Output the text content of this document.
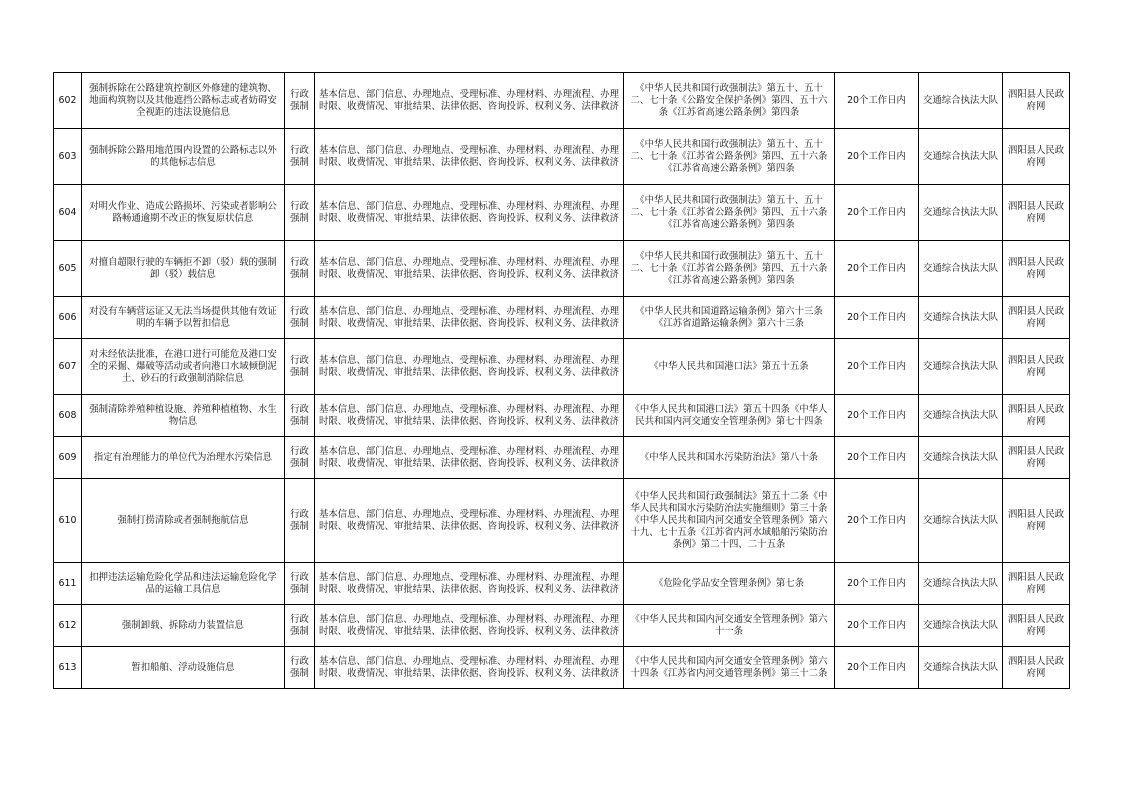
602	强制拆除在公路建筑控制区外修建的建筑物、地面构筑物以及其他遮挡公路标志或者妨碍安全视距的违法设施信息	行政强制	基本信息、部门信息、办理地点、受理标准、办理材料、办理流程、办理时限、收费情况、审批结果、法律依据、咨询投诉、权利义务、法律救济	《中华人民共和国行政强制法》第五十、五十二、七十条《公路安全保护条例》第四、五十六条《江苏省高速公路条例》第四条	20个工作日内	交通综合执法大队	泗阳县人民政府网
603	强制拆除公路用地范围内设置的公路标志以外的其他标志信息	行政强制	基本信息、部门信息、办理地点、受理标准、办理材料、办理流程、办理时限、收费情况、审批结果、法律依据、咨询投诉、权利义务、法律救济	《中华人民共和国行政强制法》第五十、五十二、七十条《江苏省公路条例》第四、五十六条《江苏省高速公路条例》第四条	20个工作日内	交通综合执法大队	泗阳县人民政府网
604	对明火作业、造成公路损坏、污染或者影响公路畅通逾期不改正的恢复原状信息	行政强制	基本信息、部门信息、办理地点、受理标准、办理材料、办理流程、办理时限、收费情况、审批结果、法律依据、咨询投诉、权利义务、法律救济	《中华人民共和国行政强制法》第五十、五十二、七十条《江苏省公路条例》第四、五十六条《江苏省高速公路条例》第四条	20个工作日内	交通综合执法大队	泗阳县人民政府网
605	对擅自超限行驶的车辆拒不卸（驳）载的强制卸（驳）载信息	行政强制	基本信息、部门信息、办理地点、受理标准、办理材料、办理流程、办理时限、收费情况、审批结果、法律依据、咨询投诉、权利义务、法律救济	《中华人民共和国行政强制法》第五十、五十二、七十条《江苏省公路条例》第四、五十六条《江苏省高速公路条例》第四条	20个工作日内	交通综合执法大队	泗阳县人民政府网
606	对没有车辆营运证又无法当场提供其他有效证明的车辆予以暂扣信息	行政强制	基本信息、部门信息、办理地点、受理标准、办理材料、办理流程、办理时限、收费情况、审批结果、法律依据、咨询投诉、权利义务、法律救济	《中华人民共和国道路运输条例》第六十三条《江苏省道路运输条例》第六十三条	20个工作日内	交通综合执法大队	泗阳县人民政府网
607	对未经依法批准，在港口进行可能危及港口安全的采掘、爆破等活动或者向港口水域倾倒泥土、砂石的行政强制消除信息	行政强制	基本信息、部门信息、办理地点、受理标准、办理材料、办理流程、办理时限、收费情况、审批结果、法律依据、咨询投诉、权利义务、法律救济	《中华人民共和国港口法》第五十五条	20个工作日内	交通综合执法大队	泗阳县人民政府网
608	强制清除养殖种植设施、养殖种植植物、水生物信息	行政强制	基本信息、部门信息、办理地点、受理标准、办理材料、办理流程、办理时限、收费情况、审批结果、法律依据、咨询投诉、权利义务、法律救济	《中华人民共和国港口法》第五十四条《中华人民共和国内河交通安全管理条例》第七十四条	20个工作日内	交通综合执法大队	泗阳县人民政府网
609	指定有治理能力的单位代为治理水污染信息	行政强制	基本信息、部门信息、办理地点、受理标准、办理材料、办理流程、办理时限、收费情况、审批结果、法律依据、咨询投诉、权利义务、法律救济	《中华人民共和国水污染防治法》第八十条	20个工作日内	交通综合执法大队	泗阳县人民政府网
610	强制打捞清除或者强制拖航信息	行政强制	基本信息、部门信息、办理地点、受理标准、办理材料、办理流程、办理时限、收费情况、审批结果、法律依据、咨询投诉、权利义务、法律救济	《中华人民共和国行政强制法》第五十二条《中华人民共和国水污染防治法实施细则》第三十条《中华人民共和国内河交通安全管理条例》第六十九、七十五条《江苏省内河水域船舶污染防治条例》第二十四、二十五条	20个工作日内	交通综合执法大队	泗阳县人民政府网
611	扣押违法运输危险化学品和违法运输危险化学品的运输工具信息	行政强制	基本信息、部门信息、办理地点、受理标准、办理材料、办理流程、办理时限、收费情况、审批结果、法律依据、咨询投诉、权利义务、法律救济	《危险化学品安全管理条例》第七条	20个工作日内	交通综合执法大队	泗阳县人民政府网
612	强制卸载、拆除动力装置信息	行政强制	基本信息、部门信息、办理地点、受理标准、办理材料、办理流程、办理时限、收费情况、审批结果、法律依据、咨询投诉、权利义务、法律救济	《中华人民共和国内河交通安全管理条例》第六十一条	20个工作日内	交通综合执法大队	泗阳县人民政府网
613	暂扣船舶、浮动设施信息	行政强制	基本信息、部门信息、办理地点、受理标准、办理材料、办理流程、办理时限、收费情况、审批结果、法律依据、咨询投诉、权利义务、法律救济	《中华人民共和国内河交通安全管理条例》第六十四条《江苏省内河交通管理条例》第三十二条	20个工作日内	交通综合执法大队	泗阳县人民政府网
